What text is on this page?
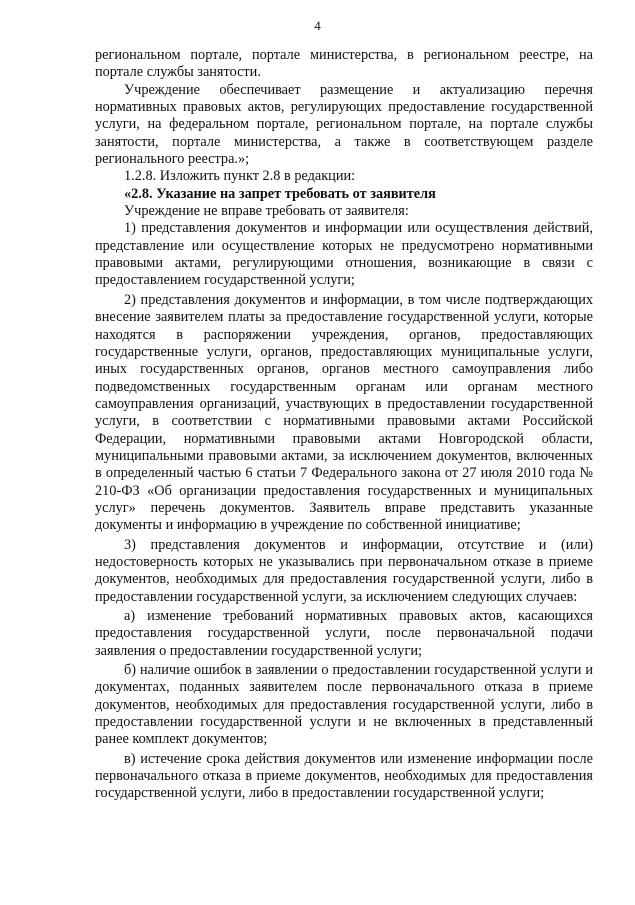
4

региональном портале, портале министерства, в региональном реестре, на портале службы занятости.

Учреждение обеспечивает размещение и актуализацию перечня нормативных правовых актов, регулирующих предоставление государственной услуги, на федеральном портале, региональном портале, на портале службы занятости, портале министерства, а также в соответствующем разделе регионального реестра.»;

1.2.8. Изложить пункт 2.8 в редакции:

«2.8. Указание на запрет требовать от заявителя

Учреждение не вправе требовать от заявителя:

1) представления документов и информации или осуществления действий, представление или осуществление которых не предусмотрено нормативными правовыми актами, регулирующими отношения, возникающие в связи с предоставлением государственной услуги;

2) представления документов и информации, в том числе подтверждающих внесение заявителем платы за предоставление государственной услуги, которые находятся в распоряжении учреждения, органов, предоставляющих государственные услуги, органов, предоставляющих муниципальные услуги, иных государственных органов, органов местного самоуправления либо подведомственных государственным органам или органам местного самоуправления организаций, участвующих в предоставлении государственной услуги, в соответствии с нормативными правовыми актами Российской Федерации, нормативными правовыми актами Новгородской области, муниципальными правовыми актами, за исключением документов, включенных в определенный частью 6 статьи 7 Федерального закона от 27 июля 2010 года № 210-ФЗ «Об организации предоставления государственных и муниципальных услуг» перечень документов. Заявитель вправе представить указанные документы и информацию в учреждение по собственной инициативе;

3) представления документов и информации, отсутствие и (или) недостоверность которых не указывались при первоначальном отказе в приеме документов, необходимых для предоставления государственной услуги, либо в предоставлении государственной услуги, за исключением следующих случаев:

а) изменение требований нормативных правовых актов, касающихся предоставления государственной услуги, после первоначальной подачи заявления о предоставлении государственной услуги;

б) наличие ошибок в заявлении о предоставлении государственной услуги и документах, поданных заявителем после первоначального отказа в приеме документов, необходимых для предоставления государственной услуги, либо в предоставлении государственной услуги и не включенных в представленный ранее комплект документов;

в) истечение срока действия документов или изменение информации после первоначального отказа в приеме документов, необходимых для предоставления государственной услуги, либо в предоставлении государственной услуги;
